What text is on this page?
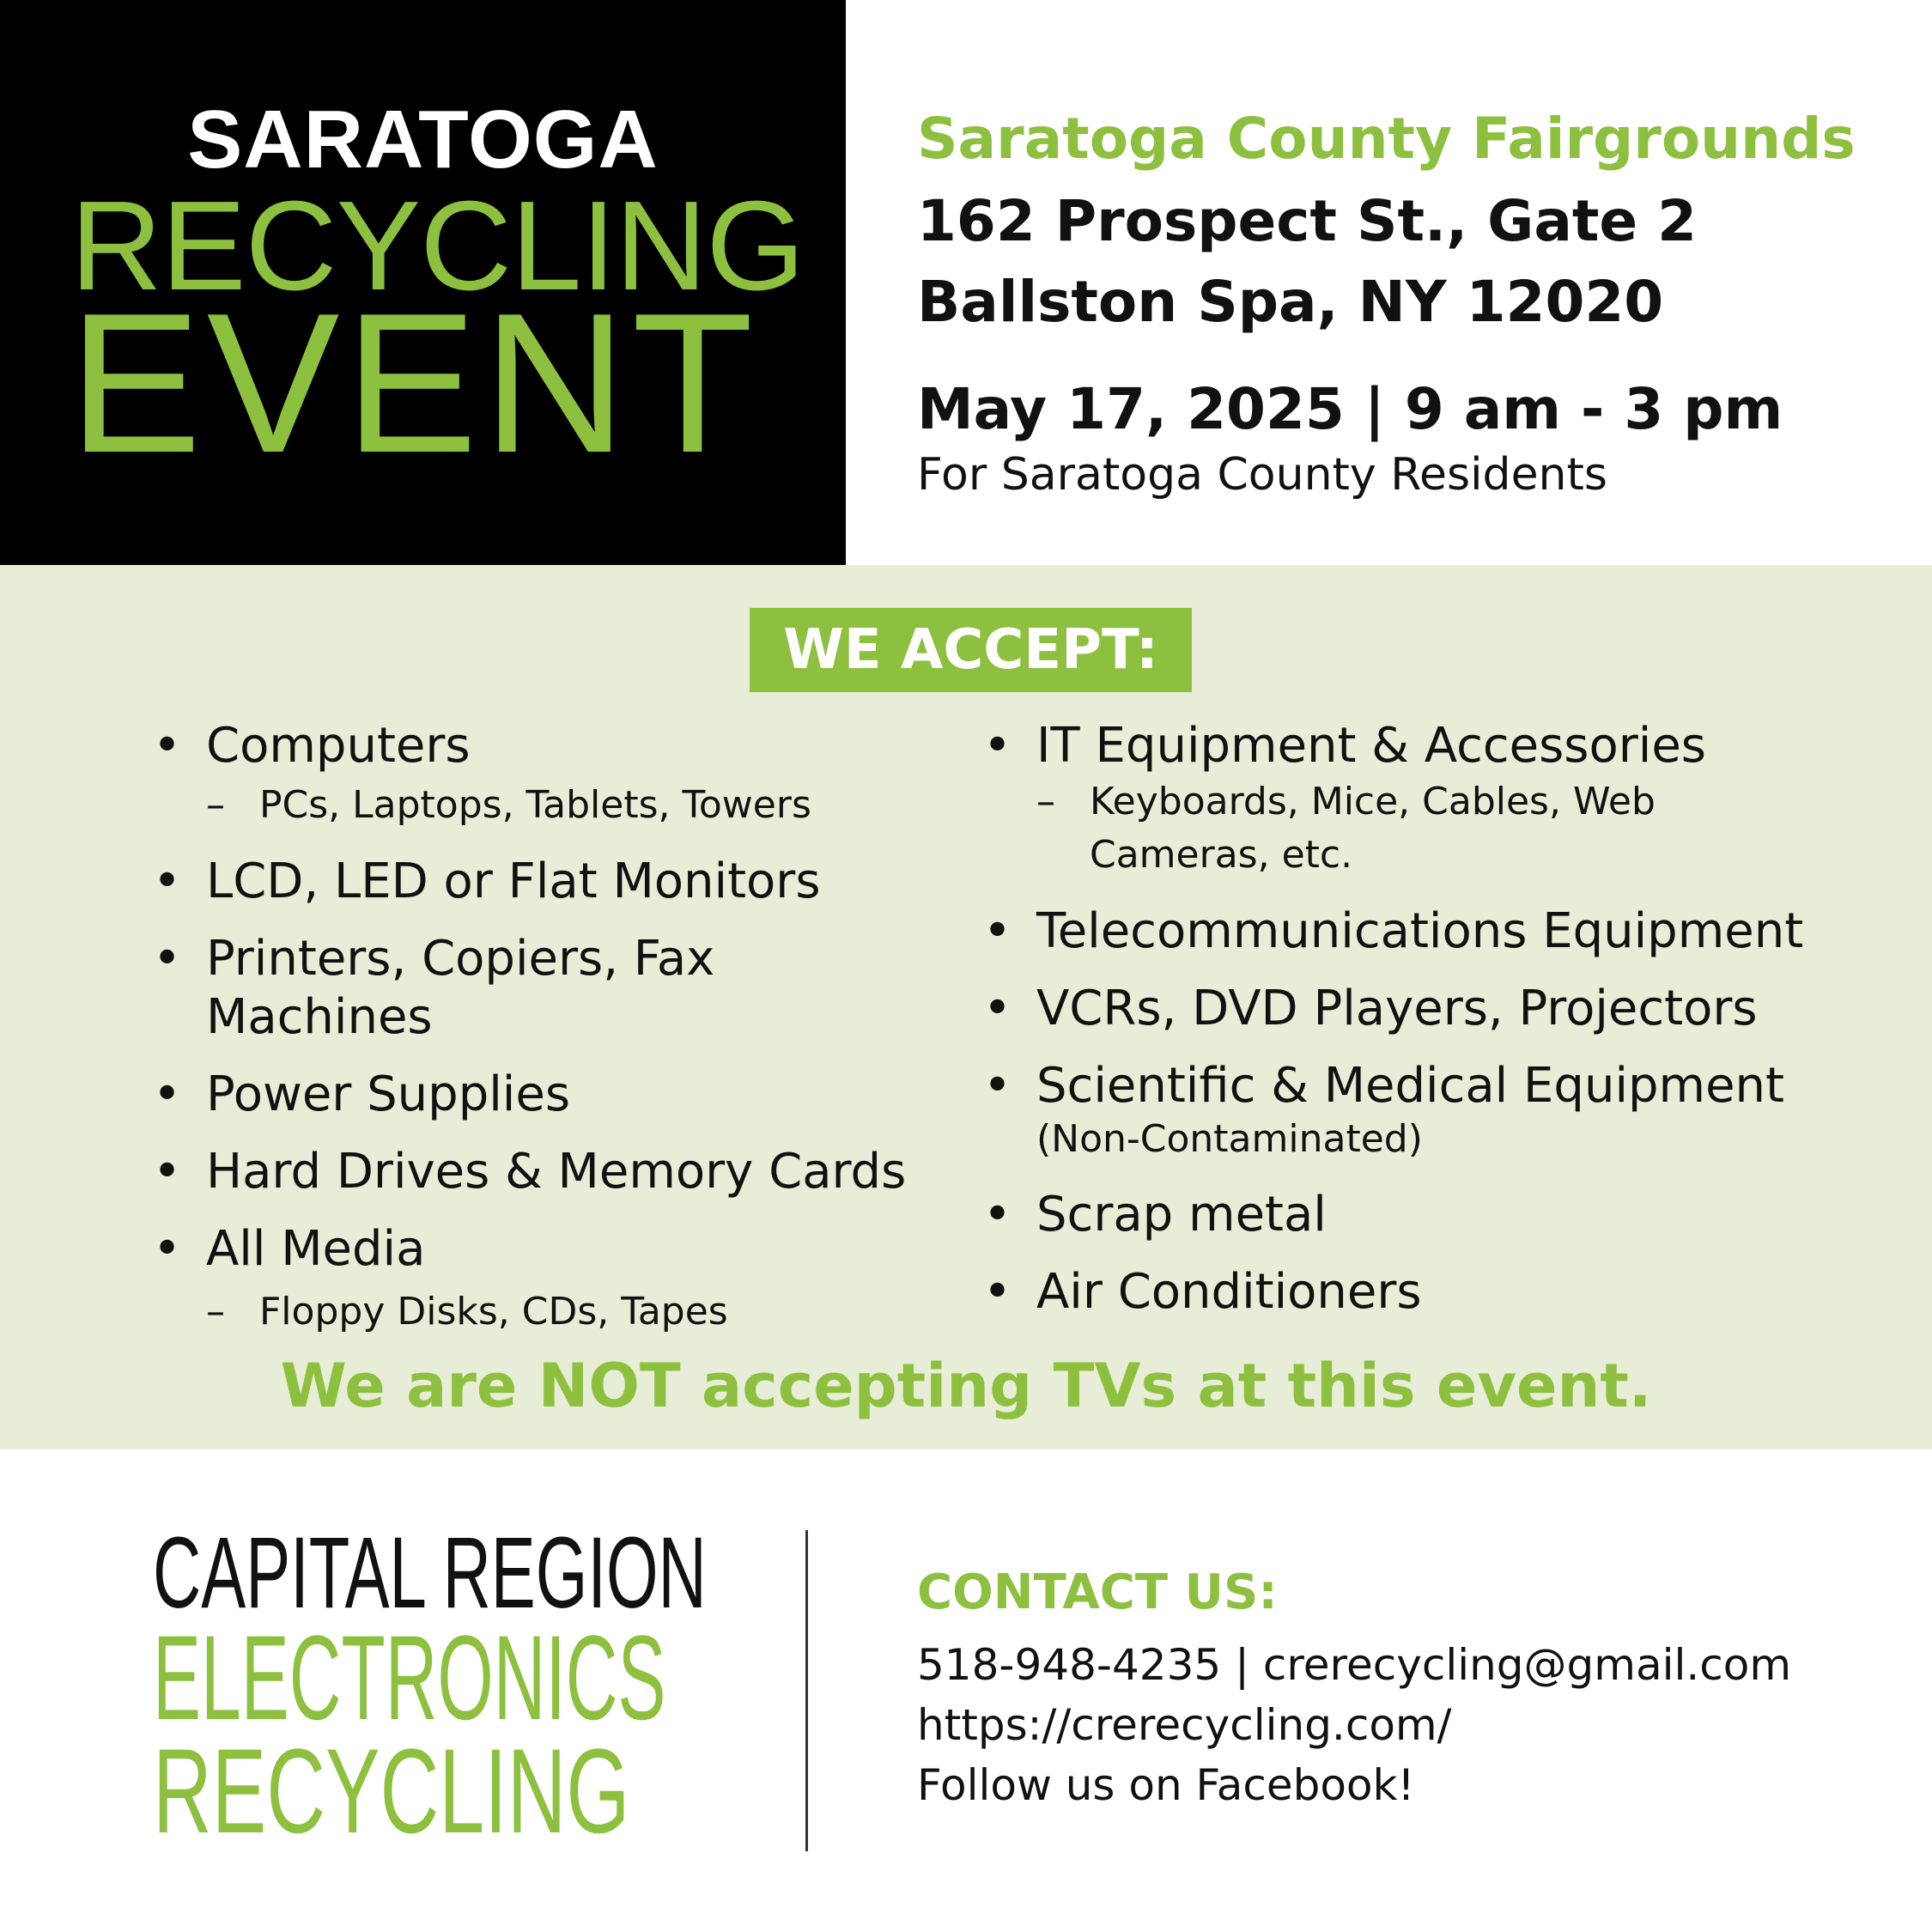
SARATOGA
RECYCLING
EVENT
Saratoga County Fairgrounds
162 Prospect St., Gate 2
Ballston Spa, NY 12020
May 17, 2025 | 9 am - 3 pm
For Saratoga County Residents
WE ACCEPT:
• Computers
– PCs, Laptops, Tablets, Towers
• LCD, LED or Flat Monitors
• Printers, Copiers, Fax Machines
• Power Supplies
• Hard Drives & Memory Cards
• All Media
– Floppy Disks, CDs, Tapes
• IT Equipment & Accessories
– Keyboards, Mice, Cables, Web
Cameras, etc.
• Telecommunications Equipment
• VCRs, DVD Players, Projectors
• Scientific & Medical Equipment
(Non-Contaminated)
• Scrap metal
• Air Conditioners
We are NOT accepting TVs at this event.
CAPITAL REGION
ELECTRONICS
RECYCLING
CONTACT US:
518-948-4235 | crerecycling@gmail.com
https://crerecycling.com/
Follow us on Facebook!
